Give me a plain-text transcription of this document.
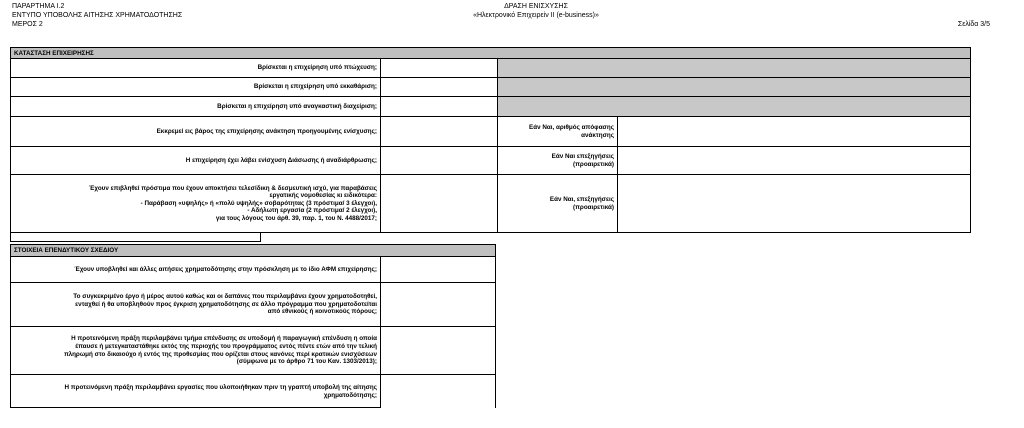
ΠΑΡΑΡΤΗΜΑ Ι.2
ΕΝΤΥΠΟ ΥΠΟΒΟΛΗΣ ΑΙΤΗΣΗΣ ΧΡΗΜΑΤΟΔΟΤΗΣΗΣ
ΜΕΡΟΣ 2
ΔΡΑΣΗ ΕΝΙΣΧΥΣΗΣ
«Ηλεκτρονικό Επιχειρείν ΙΙ (e-business)»
Σελίδα 3/5
ΚΑΤΑΣΤΑΣΗ ΕΠΙΧΕΙΡΗΣΗΣ
Βρίσκεται η επιχείρηση υπό πτώχευση;
Βρίσκεται η επιχείρηση υπό εκκαθάριση;
Βρίσκεται η επιχείρηση υπό αναγκαστική διαχείριση;
Εκκρεμεί εις βάρος της επιχείρησης ανάκτηση προηγουμένης ενίσχυσης;
Εάν Ναι, αριθμός απόφασης
ανάκτησης
Η επιχείρηση έχει λάβει ενίσχυση Διάσωσης ή αναδιάρθρωσης;
Εάν Ναι επεξηγήσεις
(προαιρετικά)
Έχουν επιβληθεί πρόστιμα που έχουν αποκτήσει τελεσίδικη & δεσμευτική ισχύ, για παραβάσεις
εργατικής νομοθεσίας κι ειδικότερα:
- Παράβαση «υψηλής» ή «πολύ υψηλής» σοβαρότητας (3 πρόστιμα/ 3 έλεγχοι),
- Αδήλωτη εργασία (2 πρόστιμα/ 2 έλεγχοι),
για τους λόγους του άρθ. 39, παρ. 1, του Ν. 4488/2017;
Εάν Ναι, επεξηγήσεις
(προαιρετικά)
ΣΤΟΙΧΕΙΑ ΕΠΕΝΔΥΤΙΚΟΥ ΣΧΕΔΙΟΥ
Έχουν υποβληθεί και άλλες αιτήσεις χρηματοδότησης στην πρόσκληση με το ίδιο ΑΦΜ επιχείρησης;
Το συγκεκριμένο έργο ή μέρος αυτού καθώς και οι δαπάνες που περιλαμβάνει έχουν χρηματοδοτηθεί,
ενταχθεί ή θα υποβληθούν προς έγκριση χρηματοδότησης σε άλλο πρόγραμμα που χρηματοδοτείται
από εθνικούς ή κοινοτικούς πόρους;
Η προτεινόμενη πράξη περιλαμβάνει τμήμα επένδυσης σε υποδομή ή παραγωγική επένδυση η οποία
έπαυσε ή μετεγκαταστάθηκε εκτός της περιοχής του προγράμματος εντός πέντε ετών από την τελική
πληρωμή στο δικαιούχο ή εντός της προθεσμίας που ορίζεται στους κανόνες περί κρατικών ενισχύσεων
(σύμφωνα με το άρθρο 71 του Καν. 1303/2013);
Η προτεινόμενη πράξη περιλαμβάνει εργασίες που υλοποιήθηκαν πριν τη γραπτή υποβολή της αίτησης
χρηματοδότησης;
